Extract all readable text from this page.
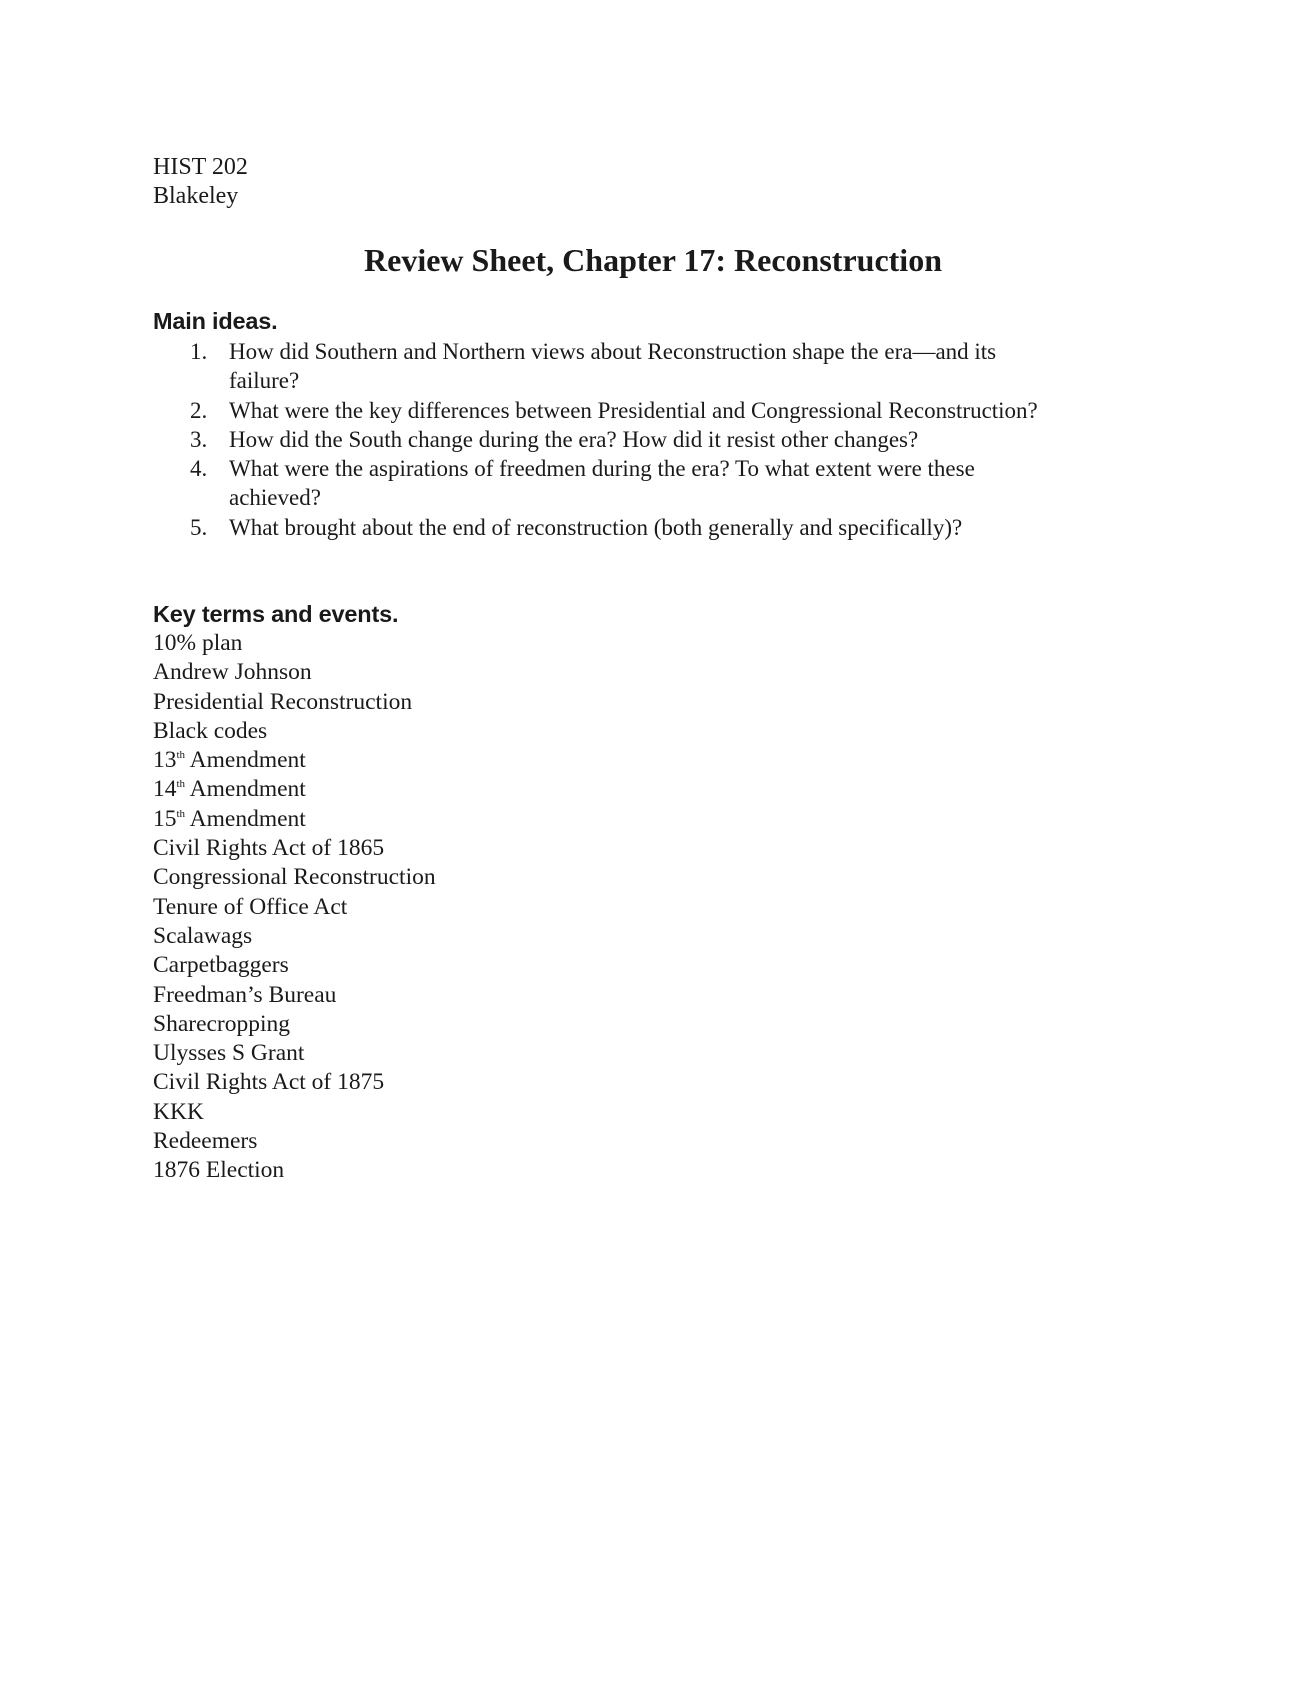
HIST 202
Blakeley
Review Sheet, Chapter 17: Reconstruction
Main ideas.
1. How did Southern and Northern views about Reconstruction shape the era—and its
failure?
2. What were the key differences between Presidential and Congressional Reconstruction?
3. How did the South change during the era? How did it resist other changes?
4. What were the aspirations of freedmen during the era? To what extent were these
achieved?
5. What brought about the end of reconstruction (both generally and specifically)?
Key terms and events.
10% plan
Andrew Johnson
Presidential Reconstruction
Black codes
13th Amendment
14th Amendment
15th Amendment
Civil Rights Act of 1865
Congressional Reconstruction
Tenure of Office Act
Scalawags
Carpetbaggers
Freedman’s Bureau
Sharecropping
Ulysses S Grant
Civil Rights Act of 1875
KKK
Redeemers
1876 Election
